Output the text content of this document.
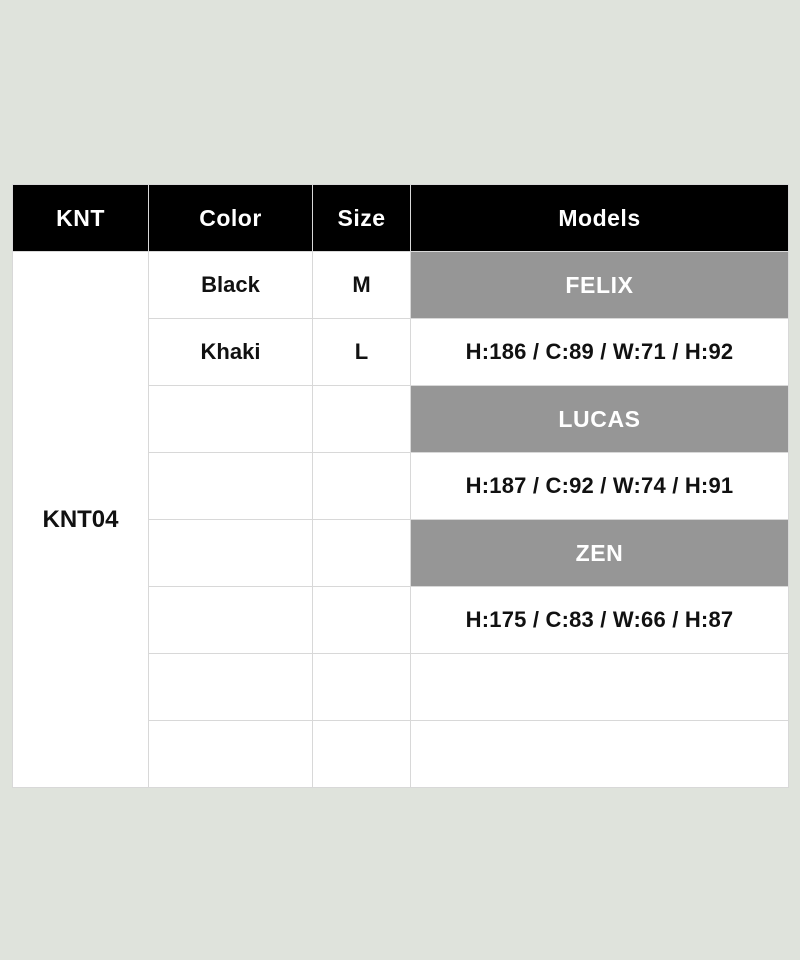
KNT	Color	Size	Models
KNT04	Black	M	FELIX
	Khaki	L	H:186 / C:89 / W:71 / H:92
			LUCAS
			H:187 / C:92 / W:74 / H:91
			ZEN
			H:175 / C:83 / W:66 / H:87
